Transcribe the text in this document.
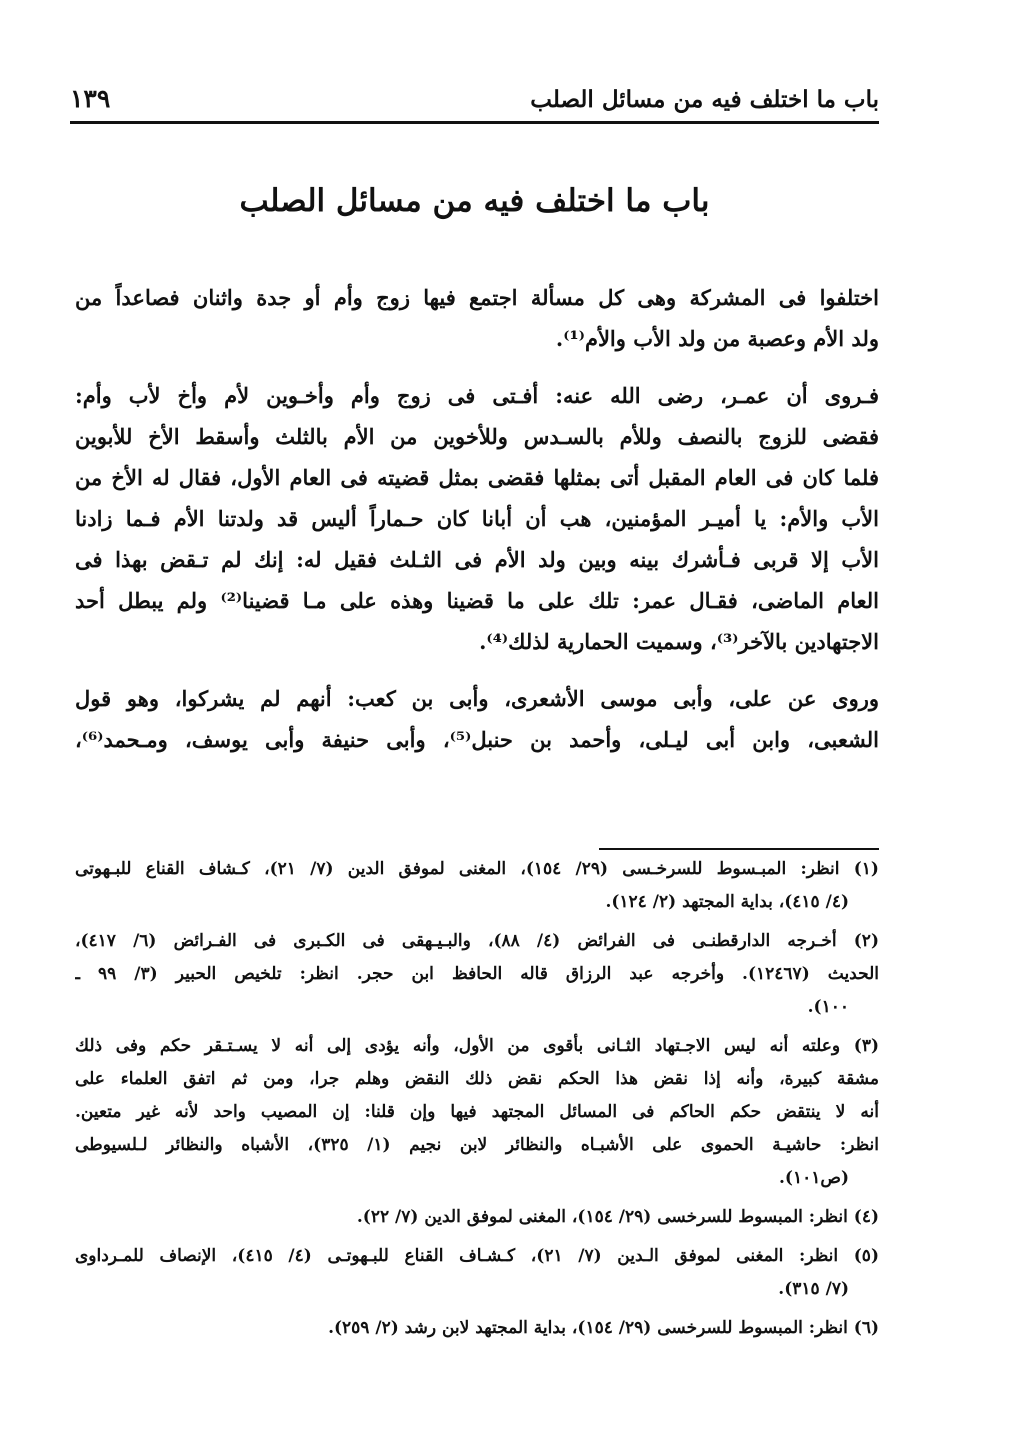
باب ما اختلف فيه من مسائل الصلب
١٣٩
باب ما اختلف فيه من مسائل الصلب

اختلفوا فى المشركة وهى كل مسألة اجتمع فيها زوج وأم أو جدة واثنان فصاعداً من
ولد الأم وعصبة من ولد الأب والأم⁽¹⁾.

فـروى أن عمـر، رضى الله عنه: أفـتى فى زوج وأم وأخـوين لأم وأخ لأب وأم:
فقضى للزوج بالنصف وللأم بالسـدس وللأخوين من الأم بالثلث وأسقط الأخ للأبوين
فلما كان فى العام المقبل أتى بمثلها فقضى بمثل قضيته فى العام الأول، فقال له الأخ من
الأب والأم: يا أميـر المؤمنين، هب أن أبانا كان حـماراً أليس قد ولدتنا الأم فـما زادنا
الأب إلا قربى فـأشرك بينه وبين ولد الأم فى الثـلث فقيل له: إنك لم تـقض بهذا فى
العام الماضى، فقـال عمر: تلك على ما قضينا وهذه على مـا قضينا⁽²⁾ ولم يبطل أحد
الاجتهادين بالآخر⁽³⁾، وسميت الحمارية لذلك⁽⁴⁾.

وروى عن على، وأبى موسى الأشعرى، وأبى بن كعب: أنهم لم يشركوا، وهو قول
الشعبى، وابن أبى ليـلى، وأحمد بن حنبل⁽⁵⁾، وأبى حنيفة وأبى يوسف، ومـحمد⁽⁶⁾،

(١) انظر: المبـسوط للسرخـسى (٢٩/ ١٥٤)، المغنى لموفق الدين (٧/ ٢١)، كـشاف القناع للبـهوتى
(٤/ ٤١٥)، بداية المجتهد (٢/ ١٢٤).
(٢) أخـرجه الدارقطنـى فى الفرائض (٤/ ٨٨)، والبـيـهقى فى الكـبرى فى الفـرائض (٦/ ٤١٧)،
الحديث (١٢٤٦٧). وأخرجه عبد الرزاق قاله الحافظ ابن حجر. انظر: تلخيص الحبير (٣/ ٩٩ ـ
١٠٠).
(٣) وعلته أنه ليس الاجـتهاد الثـانى بأقوى من الأول، وأنه يؤدى إلى أنه لا يسـتـقر حكم وفى ذلك
مشقة كبيرة، وأنه إذا نقض هذا الحكم نقض ذلك النقض وهلم جرا، ومن ثم اتفق العلماء على
أنه لا ينتقض حكم الحاكم فى المسائل المجتهد فيها وإن قلنا: إن المصيب واحد لأنه غير متعين.
انظر: حاشيـة الحموى على الأشبـاه والنظائر لابن نجيم (١/ ٣٢٥)، الأشباه والنظائر لـلسيوطى
(ص١٠١).
(٤) انظر: المبسوط للسرخسى (٢٩/ ١٥٤)، المغنى لموفق الدين (٧/ ٢٢).
(٥) انظر: المغنى لموفق الـدين (٧/ ٢١)، كـشـاف القناع للبـهوتـى (٤/ ٤١٥)، الإنصاف للمـرداوى
(٧/ ٣١٥).
(٦) انظر: المبسوط للسرخسى (٢٩/ ١٥٤)، بداية المجتهد لابن رشد (٢/ ٢٥٩).
